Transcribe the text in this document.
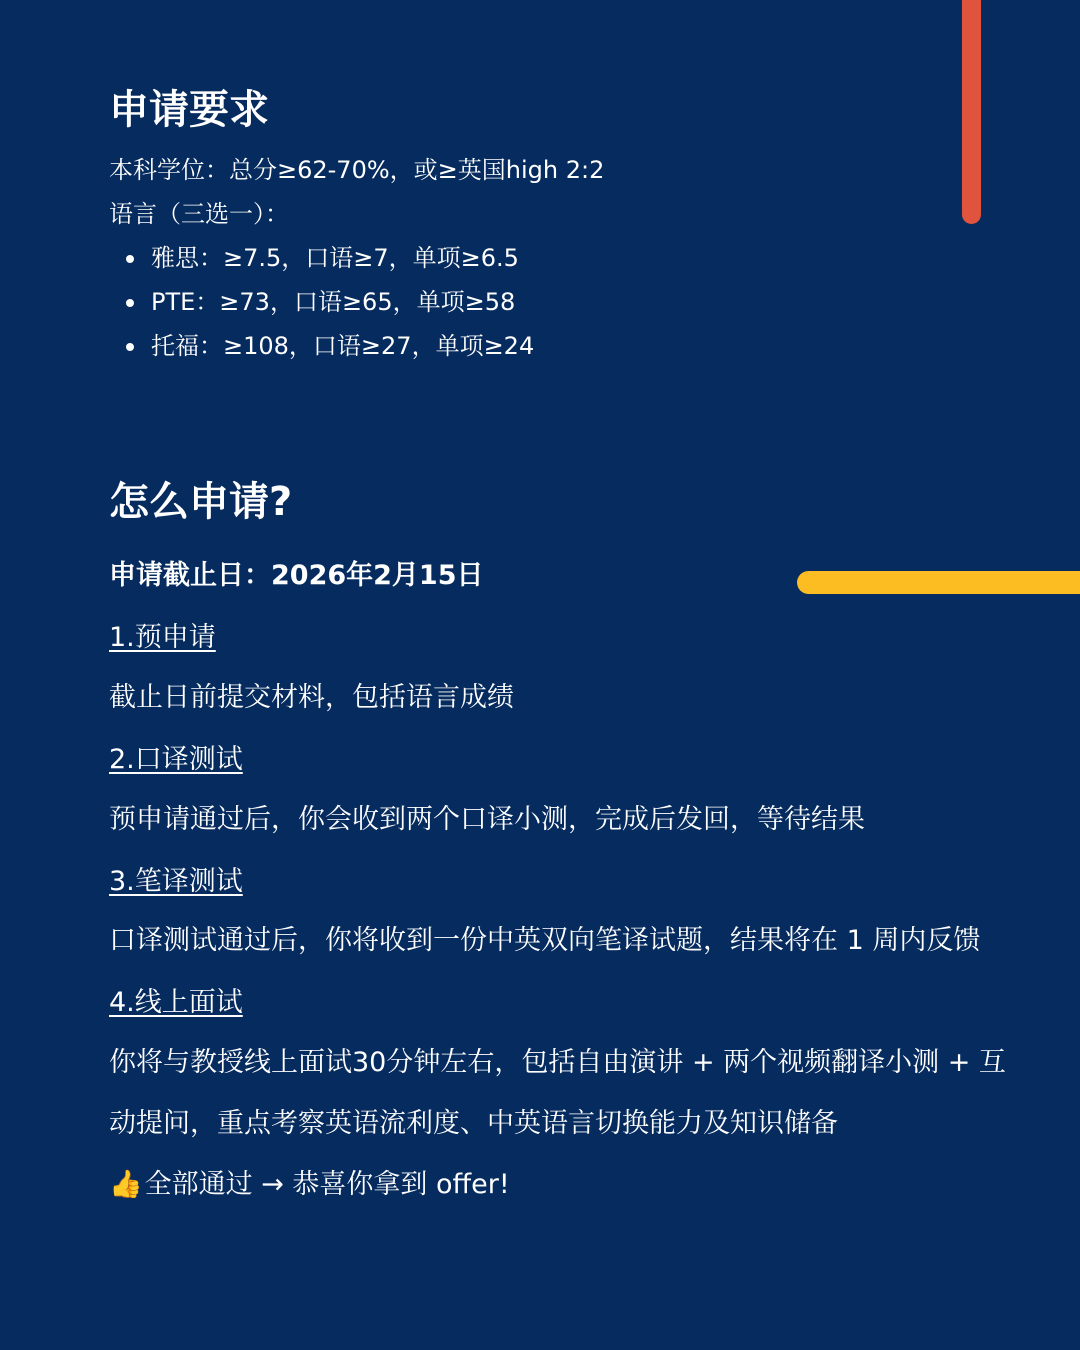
申请要求
本科学位：总分≥62-70%，或≥英国high 2:2
语言（三选一）：
雅思：≥7.5，口语≥7，单项≥6.5
PTE：≥73，口语≥65，单项≥58
托福：≥108，口语≥27，单项≥24
怎么申请?
申请截止日：2026年2月15日
1.预申请
截止日前提交材料，包括语言成绩
2.口译测试
预申请通过后，你会收到两个口译小测，完成后发回，等待结果
3.笔译测试
口译测试通过后，你将收到一份中英双向笔译试题，结果将在 1 周内反馈
4.线上面试
你将与教授线上面试30分钟左右，包括自由演讲 + 两个视频翻译小测 + 互
动提问，重点考察英语流利度、中英语言切换能力及知识储备
👍全部通过 → 恭喜你拿到 offer!
